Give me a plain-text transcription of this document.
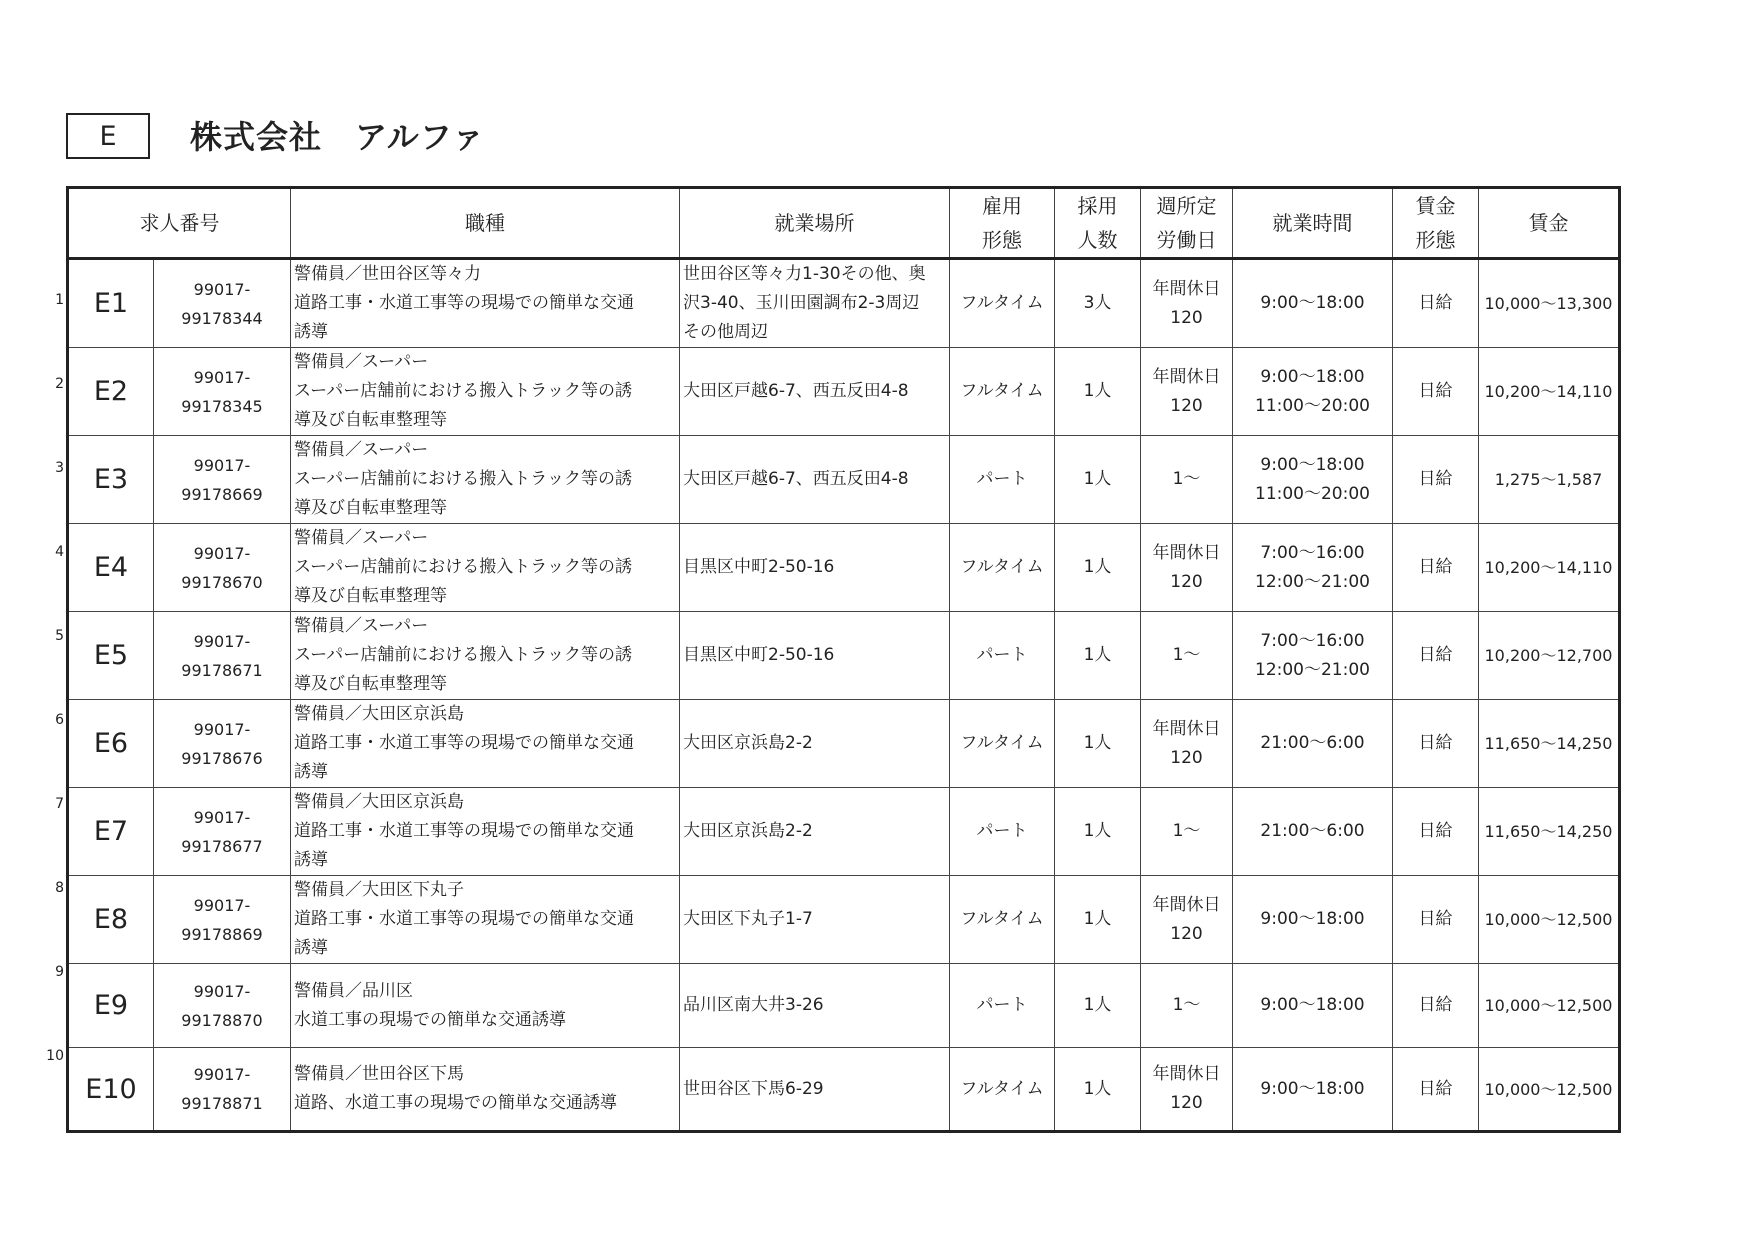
E 株式会社　アルファ
1
2
3
4
5
6
7
8
9
10
求人番号		職種	就業場所	雇用
形態	採用
人数	週所定
労働日	就業時間	賃金
形態	賃金
E1	99017-99178344	警備員／世田谷区等々力
道路工事・水道工事等の現場での簡単な交通
誘導	世田谷区等々力1-30その他、奥
沢3-40、玉川田園調布2-3周辺
その他周辺	フルタイム	3人	年間休日
120	9:00～18:00	日給	10,000～13,300
E2	99017-99178345	警備員／スーパー
スーパー店舗前における搬入トラック等の誘
導及び自転車整理等	大田区戸越6-7、西五反田4-8	フルタイム	1人	年間休日
120	9:00～18:00
11:00～20:00	日給	10,200～14,110
E3	99017-99178669	警備員／スーパー
スーパー店舗前における搬入トラック等の誘
導及び自転車整理等	大田区戸越6-7、西五反田4-8	パート	1人	1～	9:00～18:00
11:00～20:00	日給	1,275～1,587
E4	99017-99178670	警備員／スーパー
スーパー店舗前における搬入トラック等の誘
導及び自転車整理等	目黒区中町2-50-16	フルタイム	1人	年間休日
120	7:00～16:00
12:00～21:00	日給	10,200～14,110
E5	99017-99178671	警備員／スーパー
スーパー店舗前における搬入トラック等の誘
導及び自転車整理等	目黒区中町2-50-16	パート	1人	1～	7:00～16:00
12:00～21:00	日給	10,200～12,700
E6	99017-99178676	警備員／大田区京浜島
道路工事・水道工事等の現場での簡単な交通
誘導	大田区京浜島2-2	フルタイム	1人	年間休日
120	21:00～6:00	日給	11,650～14,250
E7	99017-99178677	警備員／大田区京浜島
道路工事・水道工事等の現場での簡単な交通
誘導	大田区京浜島2-2	パート	1人	1～	21:00～6:00	日給	11,650～14,250
E8	99017-99178869	警備員／大田区下丸子
道路工事・水道工事等の現場での簡単な交通
誘導	大田区下丸子1-7	フルタイム	1人	年間休日
120	9:00～18:00	日給	10,000～12,500
E9	99017-99178870	警備員／品川区
水道工事の現場での簡単な交通誘導	品川区南大井3-26	パート	1人	1～	9:00～18:00	日給	10,000～12,500
E10	99017-99178871	警備員／世田谷区下馬
道路、水道工事の現場での簡単な交通誘導	世田谷区下馬6-29	フルタイム	1人	年間休日
120	9:00～18:00	日給	10,000～12,500
